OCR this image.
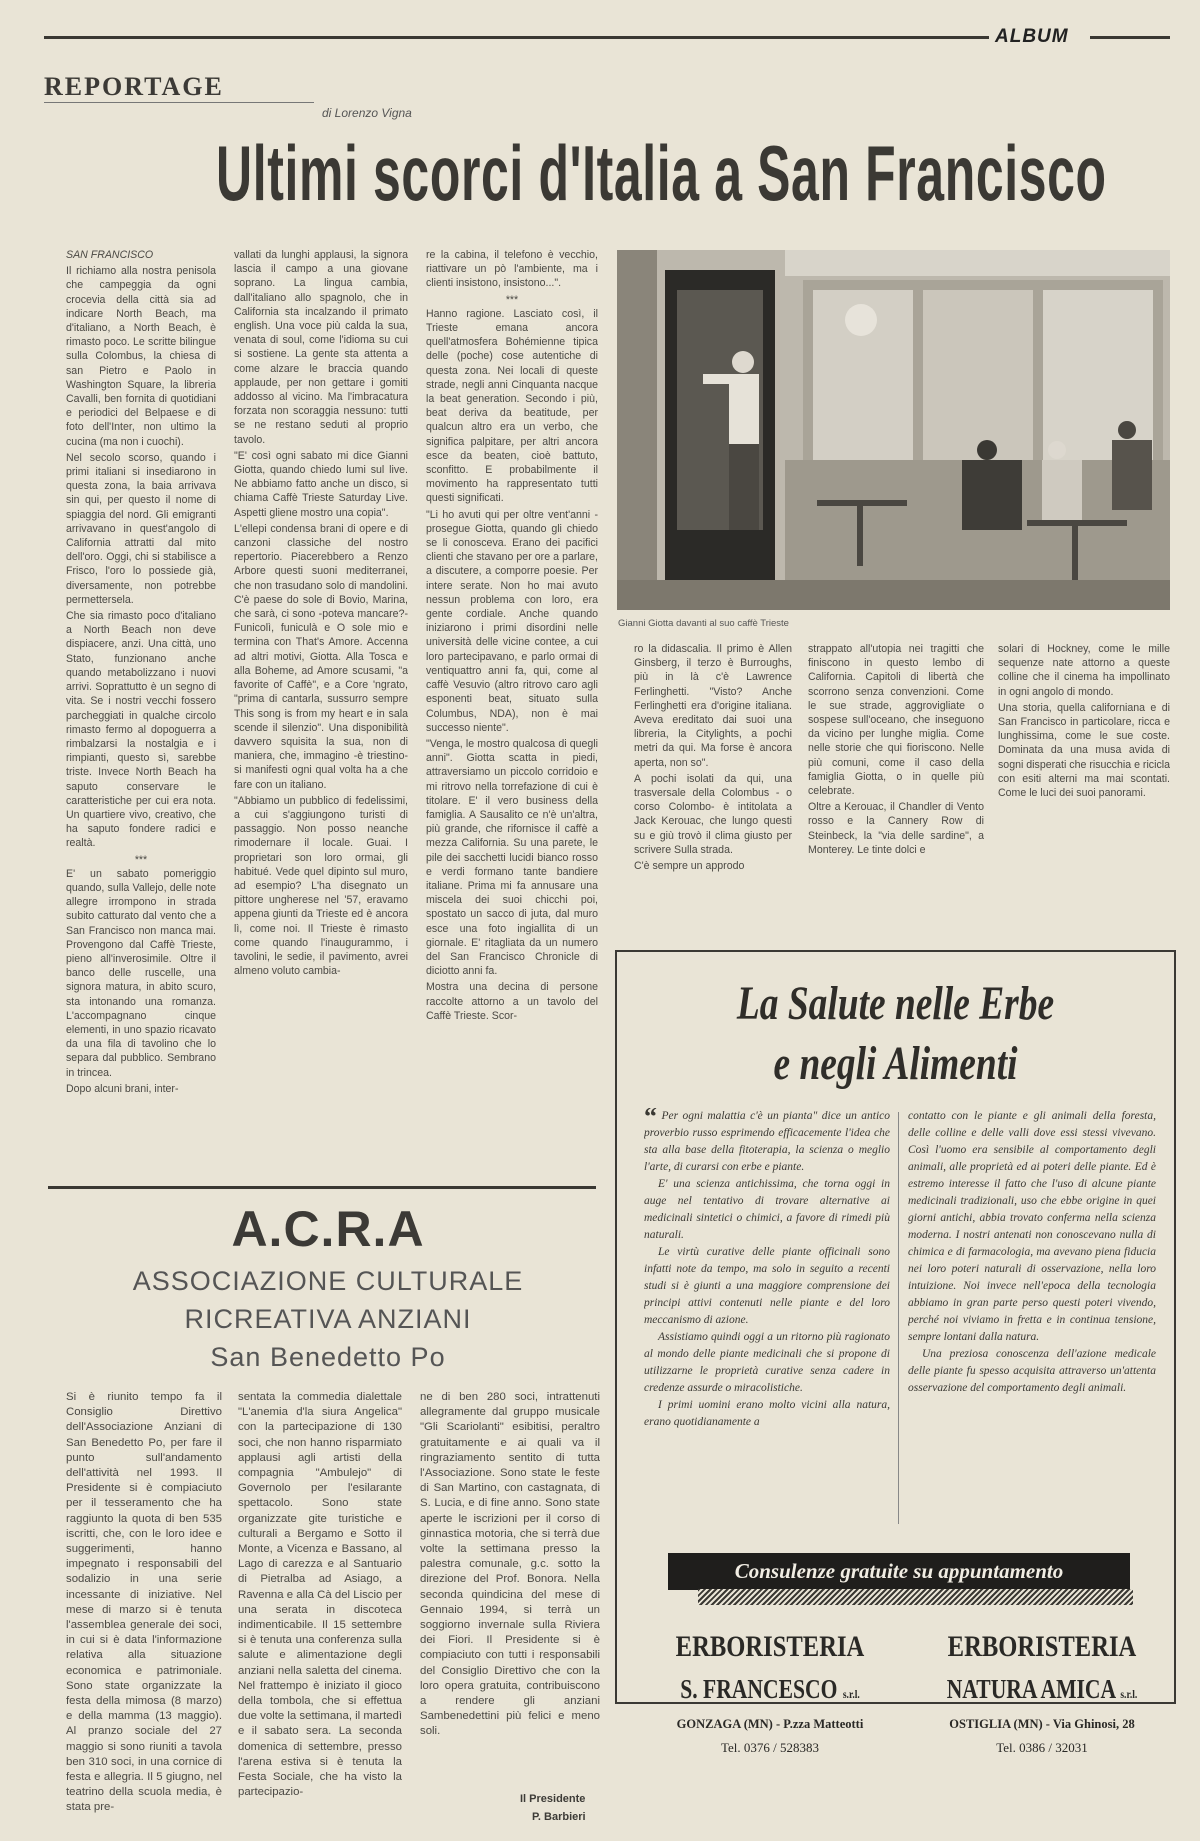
ALBUM
REPORTAGE
di Lorenzo Vigna
Ultimi scorci d'Italia a San Francisco

SAN FRANCISCO

Il richiamo alla nostra penisola che campeggia da ogni crocevia della città sia ad indicare North Beach, ma d'italiano, a North Beach, è rimasto poco. Le scritte bilingue sulla Colombus, la chiesa di san Pietro e Paolo in Washington Square, la libreria Cavalli, ben fornita di quotidiani e periodici del Belpaese e di foto dell'Inter, non ultimo la cucina (ma non i cuochi).

Nel secolo scorso, quando i primi italiani si insediarono in questa zona, la baia arrivava sin qui, per questo il nome di spiaggia del nord. Gli emigranti arrivavano in quest'angolo di California attratti dal mito dell'oro. Oggi, chi si stabilisce a Frisco, l'oro lo possiede già, diversamente, non potrebbe permettersela.

Che sia rimasto poco d'italiano a North Beach non deve dispiacere, anzi. Una città, uno Stato, funzionano anche quando metabolizzano i nuovi arrivi. Soprattutto è un segno di vita. Se i nostri vecchi fossero parcheggiati in qualche circolo rimasto fermo al dopoguerra a rimbalzarsi la nostalgia e i rimpianti, questo sì, sarebbe triste. Invece North Beach ha saputo conservare le caratteristiche per cui era nota. Un quartiere vivo, creativo, che ha saputo fondere radici e realtà.

***

E' un sabato pomeriggio quando, sulla Vallejo, delle note allegre irrompono in strada subito catturato dal vento che a San Francisco non manca mai. Provengono dal Caffè Trieste, pieno all'inverosimile. Oltre il banco delle ruscelle, una signora matura, in abito scuro, sta intonando una romanza. L'accompagnano cinque elementi, in uno spazio ricavato da una fila di tavolino che lo separa dal pubblico. Sembrano in trincea.

Dopo alcuni brani, inter-

vallati da lunghi applausi, la signora lascia il campo a una giovane soprano. La lingua cambia, dall'italiano allo spagnolo, che in California sta incalzando il primato english. Una voce più calda la sua, venata di soul, come l'idioma su cui si sostiene. La gente sta attenta a come alzare le braccia quando applaude, per non gettare i gomiti addosso al vicino. Ma l'imbracatura forzata non scoraggia nessuno: tutti se ne restano seduti al proprio tavolo.

"E' così ogni sabato mi dice Gianni Giotta, quando chiedo lumi sul live. Ne abbiamo fatto anche un disco, si chiama Caffè Trieste Saturday Live. Aspetti gliene mostro una copia".

L'ellepi condensa brani di opere e di canzoni classiche del nostro repertorio. Piacerebbero a Renzo Arbore questi suoni mediterranei, che non trasudano solo di mandolini. C'è paese do sole di Bovio, Marina, che sarà, ci sono -poteva mancare?- Funicolì, funiculà e O sole mio e termina con That's Amore. Accenna ad altri motivi, Giotta. Alla Tosca e alla Boheme, ad Amore scusami, "a favorite of Caffè", e a Core 'ngrato, "prima di cantarla, sussurro sempre This song is from my heart e in sala scende il silenzio". Una disponibilità davvero squisita la sua, non di maniera, che, immagino -è triestino- si manifesti ogni qual volta ha a che fare con un italiano.

"Abbiamo un pubblico di fedelissimi, a cui s'aggiungono turisti di passaggio. Non posso neanche rimodernare il locale. Guai. I proprietari son loro ormai, gli habitué. Vede quel dipinto sul muro, ad esempio? L'ha disegnato un pittore ungherese nel '57, eravamo appena giunti da Trieste ed è ancora lì, come noi. Il Trieste è rimasto come quando l'inaugurammo, i tavolini, le sedie, il pavimento, avrei almeno voluto cambia-

re la cabina, il telefono è vecchio, riattivare un pò l'ambiente, ma i clienti insistono, insistono...".

***

Hanno ragione. Lasciato così, il Trieste emana ancora quell'atmosfera Bohémienne tipica delle (poche) cose autentiche di questa zona. Nei locali di queste strade, negli anni Cinquanta nacque la beat generation. Secondo i più, beat deriva da beatitude, per qualcun altro era un verbo, che significa palpitare, per altri ancora esce da beaten, cioè battuto, sconfitto. E probabilmente il movimento ha rappresentato tutti questi significati.

"Li ho avuti qui per oltre vent'anni -prosegue Giotta, quando gli chiedo se li conosceva. Erano dei pacifici clienti che stavano per ore a parlare, a discutere, a comporre poesie. Per intere serate. Non ho mai avuto nessun problema con loro, era gente cordiale. Anche quando iniziarono i primi disordini nelle università delle vicine contee, a cui loro partecipavano, e parlo ormai di ventiquattro anni fa, qui, come al caffè Vesuvio (altro ritrovo caro agli esponenti beat, situato sulla Columbus, NDA), non è mai successo niente".

"Venga, le mostro qualcosa di quegli anni". Giotta scatta in piedi, attraversiamo un piccolo corridoio e mi ritrovo nella torrefazione di cui è titolare. E' il vero business della famiglia. A Sausalito ce n'è un'altra, più grande, che rifornisce il caffè a mezza California. Su una parete, le pile dei sacchetti lucidi bianco rosso e verdi formano tante bandiere italiane. Prima mi fa annusare una miscela dei suoi chicchi poi, spostato un sacco di juta, dal muro esce una foto ingiallita di un giornale. E' ritagliata da un numero del San Francisco Chronicle di diciotto anni fa.

Mostra una decina di persone raccolte attorno a un tavolo del Caffè Trieste. Scor-

Gianni Giotta davanti al suo caffè Trieste

ro la didascalia. Il primo è Allen Ginsberg, il terzo è Burroughs, più in là c'è Lawrence Ferlinghetti. "Visto? Anche Ferlinghetti era d'origine italiana. Aveva ereditato dai suoi una libreria, la Citylights, a pochi metri da qui. Ma forse è ancora aperta, non so".

A pochi isolati da qui, una trasversale della Colombus - o corso Colombo- è intitolata a Jack Kerouac, che lungo questi su e giù trovò il clima giusto per scrivere Sulla strada.

C'è sempre un approdo

strappato all'utopia nei tragitti che finiscono in questo lembo di California. Capitoli di libertà che scorrono senza convenzioni. Come le sue strade, aggrovigliate o sospese sull'oceano, che inseguono da vicino per lunghe miglia. Come nelle storie che qui fioriscono. Nelle più comuni, come il caso della famiglia Giotta, o in quelle più celebrate.

Oltre a Kerouac, il Chandler di Vento rosso e la Cannery Row di Steinbeck, la "via delle sardine", a Monterey. Le tinte dolci e

solari di Hockney, come le mille sequenze nate attorno a queste colline che il cinema ha impollinato in ogni angolo di mondo.

Una storia, quella californiana e di San Francisco in particolare, ricca e lunghissima, come le sue coste. Dominata da una musa avida di sogni disperati che risucchia e ricicla con esiti alterni ma mai scontati. Come le luci dei suoi panorami.

A.C.R.A
ASSOCIAZIONE CULTURALE
RICREATIVA ANZIANI
San Benedetto Po

Si è riunito tempo fa il Consiglio Direttivo dell'Associazione Anziani di San Benedetto Po, per fare il punto sull'andamento dell'attività nel 1993. Il Presidente si è compiaciuto per il tesseramento che ha raggiunto la quota di ben 535 iscritti, che, con le loro idee e suggerimenti, hanno impegnato i responsabili del sodalizio in una serie incessante di iniziative. Nel mese di marzo si è tenuta l'assemblea generale dei soci, in cui si è data l'informazione relativa alla situazione economica e patrimoniale. Sono state organizzate la festa della mimosa (8 marzo) e della mamma (13 maggio). Al pranzo sociale del 27 maggio si sono riuniti a tavola ben 310 soci, in una cornice di festa e allegria. Il 5 giugno, nel teatrino della scuola media, è stata pre-

sentata la commedia dialettale "L'anemia d'la siura Angelica" con la partecipazione di 130 soci, che non hanno risparmiato applausi agli artisti della compagnia "Ambulejo" di Governolo per l'esilarante spettacolo. Sono state organizzate gite turistiche e culturali a Bergamo e Sotto il Monte, a Vicenza e Bassano, al Lago di carezza e al Santuario di Pietralba ad Asiago, a Ravenna e alla Cà del Liscio per una serata in discoteca indimenticabile. Il 15 settembre si è tenuta una conferenza sulla salute e alimentazione degli anziani nella saletta del cinema. Nel frattempo è iniziato il gioco della tombola, che si effettua due volte la settimana, il martedì e il sabato sera. La seconda domenica di settembre, presso l'arena estiva si è tenuta la Festa Sociale, che ha visto la partecipazio-

ne di ben 280 soci, intrattenuti allegramente dal gruppo musicale "Gli Scariolanti" esibitisi, peraltro gratuitamente e ai quali va il ringraziamento sentito di tutta l'Associazione. Sono state le feste di San Martino, con castagnata, di S. Lucia, e di fine anno. Sono state aperte le iscrizioni per il corso di ginnastica motoria, che si terrà due volte la settimana presso la palestra comunale, g.c. sotto la direzione del Prof. Bonora. Nella seconda quindicina del mese di Gennaio 1994, si terrà un soggiorno invernale sulla Riviera dei Fiori. Il Presidente si è compiaciuto con tutti i responsabili del Consiglio Direttivo che con la loro opera gratuita, contribuiscono a rendere gli anziani Sambenedettini più felici e meno soli.

Il Presidente
P. Barbieri
La Salute nelle Erbe
e negli Alimenti

“ Per ogni malattia c'è un pianta" dice un antico proverbio russo esprimendo efficacemente l'idea che sta alla base della fitoterapia, la scienza o meglio l'arte, di curarsi con erbe e piante.

E' una scienza antichissima, che torna oggi in auge nel tentativo di trovare alternative ai medicinali sintetici o chimici, a favore di rimedi più naturali.

Le virtù curative delle piante officinali sono infatti note da tempo, ma solo in seguito a recenti studi si è giunti a una maggiore comprensione dei principi attivi contenuti nelle piante e del loro meccanismo di azione.

Assistiamo quindi oggi a un ritorno più ragionato al mondo delle piante medicinali che si propone di utilizzarne le proprietà curative senza cadere in credenze assurde o miracolistiche.

I primi uomini erano molto vicini alla natura, erano quotidianamente a

contatto con le piante e gli animali della foresta, delle colline e delle valli dove essi stessi vivevano. Così l'uomo era sensibile al comportamento degli animali, alle proprietà ed ai poteri delle piante. Ed è estremo interesse il fatto che l'uso di alcune piante medicinali tradizionali, uso che ebbe origine in quei giorni antichi, abbia trovato conferma nella scienza moderna. I nostri antenati non conoscevano nulla di chimica e di farmacologia, ma avevano piena fiducia nei loro poteri naturali di osservazione, nella loro intuizione. Noi invece nell'epoca della tecnologia abbiamo in gran parte perso questi poteri vivendo, perché noi viviamo in fretta e in continua tensione, sempre lontani dalla natura.

Una preziosa conoscenza dell'azione medicale delle piante fu spesso acquisita attraverso un'attenta osservazione del comportamento degli animali.

Consulenze gratuite su appuntamento
ERBORISTERIA
S. FRANCESCO s.r.l.
GONZAGA (MN) - P.zza Matteotti
Tel. 0376 / 528383
ERBORISTERIA
NATURA AMICA s.r.l.
OSTIGLIA (MN) - Via Ghinosi, 28
Tel. 0386 / 32031
